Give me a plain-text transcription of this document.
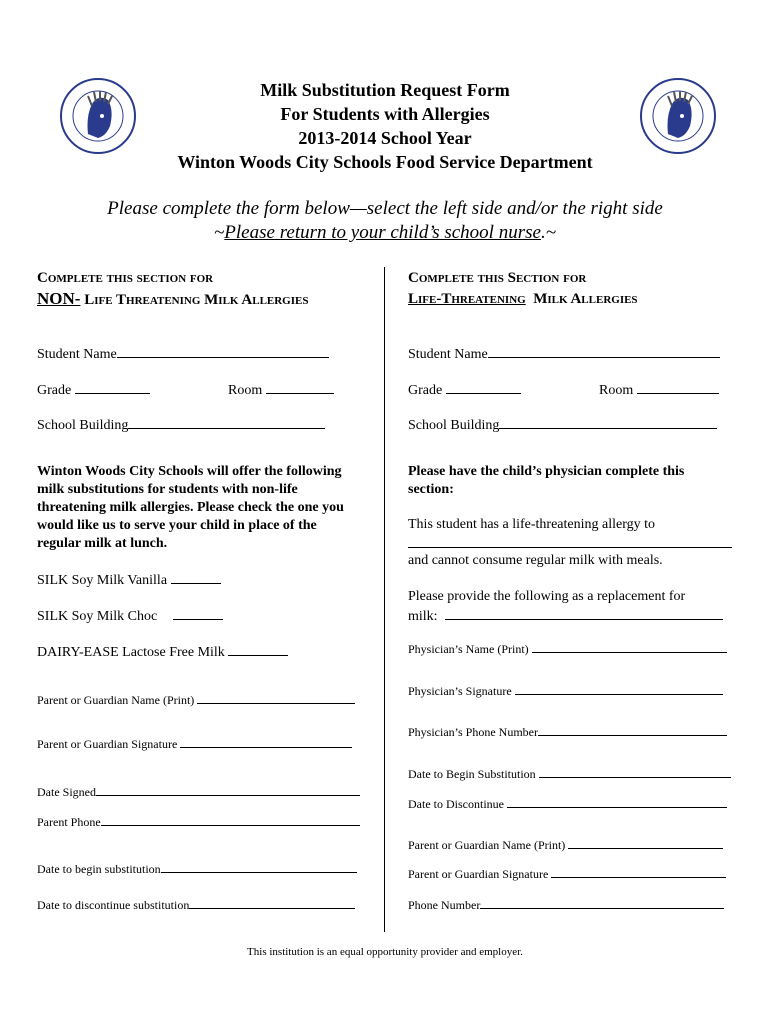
Milk Substitution Request Form
For Students with Allergies
2013-2014 School Year
Winton Woods City Schools Food Service Department
Please complete the form below—select the left side and/or the right side
~Please return to your child’s school nurse.~
Complete this section for
NON- Life Threatening Milk Allergies
Student Name
Grade	Room
School Building
Winton Woods City Schools will offer the following milk substitutions for students with non-life threatening milk allergies. Please check the one you would like us to serve your child in place of the regular milk at lunch.
SILK Soy Milk Vanilla
SILK Soy Milk Choc
DAIRY-EASE Lactose Free Milk
Parent or Guardian Name (Print)
Parent or Guardian Signature
Date Signed
Parent Phone
Date to begin substitution
Date to discontinue substitution
Complete this Section for
Life-Threatening  Milk Allergies
Student Name
Grade	Room
School Building
Please have the child’s physician complete this section:
This student has a life-threatening allergy to
and cannot consume regular milk with meals.
Please provide the following as a replacement for
milk:
Physician’s Name (Print)
Physician’s Signature
Physician’s Phone Number
Date to Begin Substitution
Date to Discontinue
Parent or Guardian Name (Print)
Parent or Guardian Signature
Phone Number
This institution is an equal opportunity provider and employer.
